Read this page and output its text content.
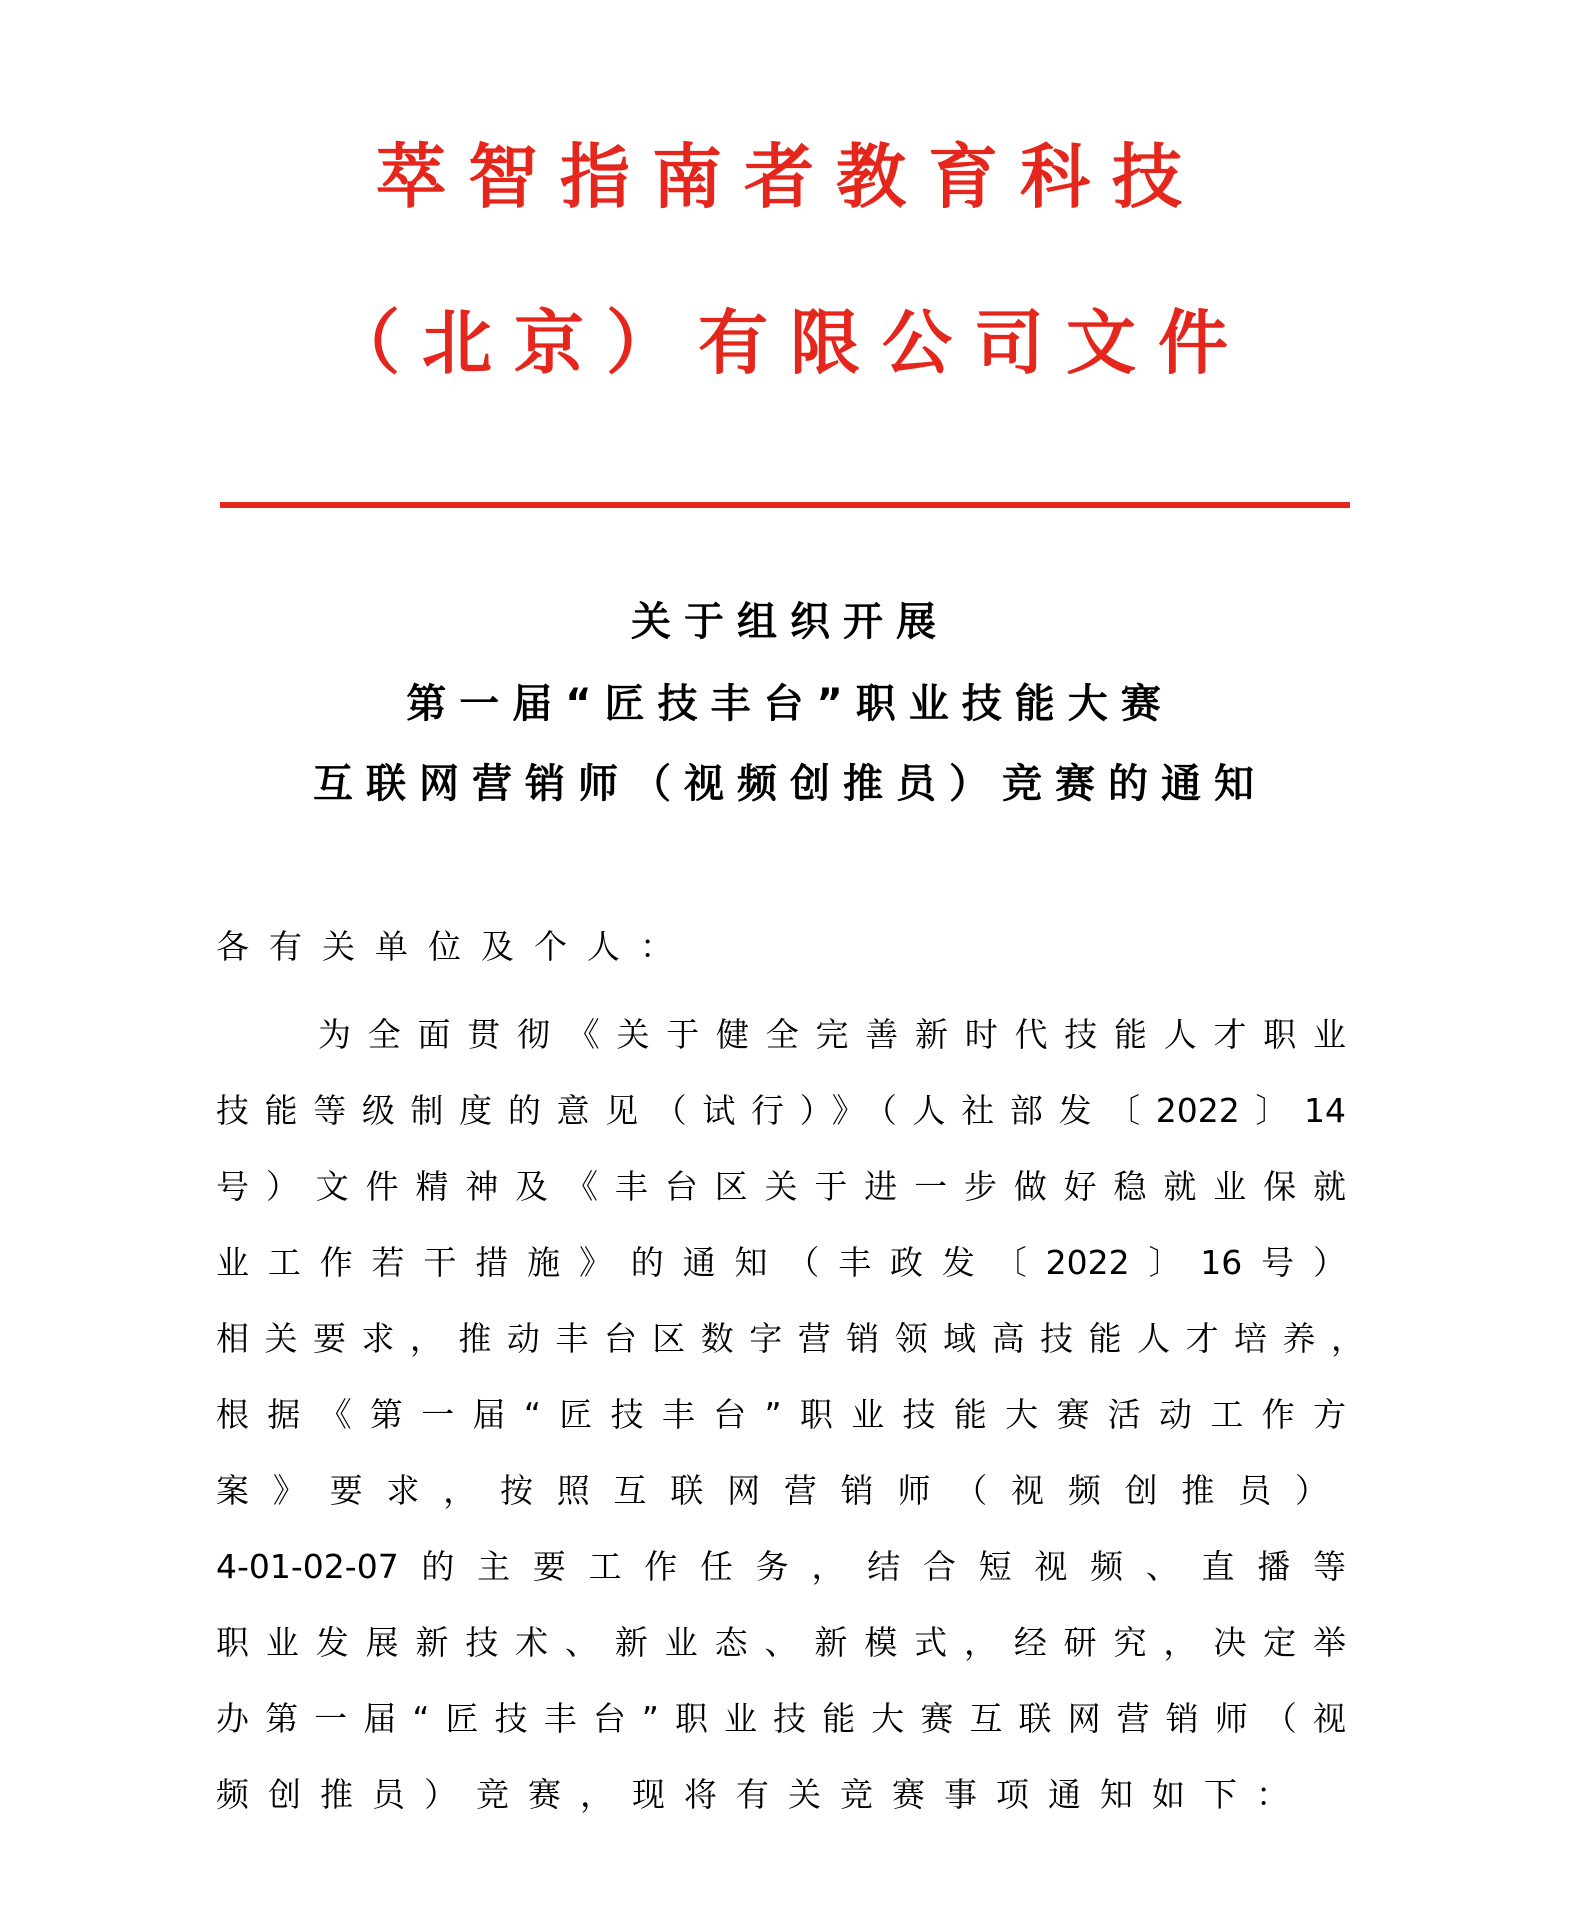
萃智指南者教育科技
（北京）有限公司文件
关于组织开展
第一届“匠技丰台”职业技能大赛
互联网营销师（视频创推员）竞赛的通知
各有关单位及个人：
为全面贯彻《关于健全完善新时代技能人才职业
技能等级制度的意见（试行）》（人社部发〔2022〕14
号）文件精神及《丰台区关于进一步做好稳就业保就
业工作若干措施》的通知（丰政发〔2022〕16号）
相关要求，推动丰台区数字营销领域高技能人才培养，
根据《第一届“匠技丰台”职业技能大赛活动工作方
案》要求，按照互联网营销师（视频创推员）
4-01-02-07的主要工作任务，结合短视频、直播等
职业发展新技术、新业态、新模式，经研究，决定举
办第一届“匠技丰台”职业技能大赛互联网营销师（视
频创推员）竞赛，现将有关竞赛事项通知如下：
